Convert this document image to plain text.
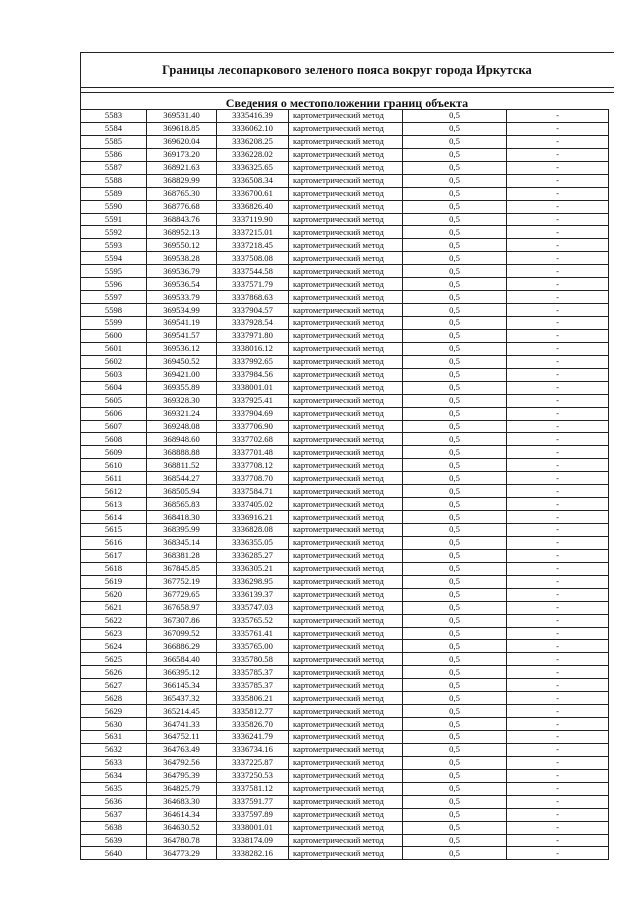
Границы лесопаркового зеленого пояса вокруг города Иркутска
Сведения о местоположении границ объекта
5583	369531.40	3335416.39	картометрический метод	0,5	-
5584	369618.85	3336062.10	картометрический метод	0,5	-
5585	369620.04	3336208.25	картометрический метод	0,5	-
5586	369173.20	3336228.02	картометрический метод	0,5	-
5587	368921.63	3336325.65	картометрический метод	0,5	-
5588	368829.99	3336508.34	картометрический метод	0,5	-
5589	368765.30	3336700.61	картометрический метод	0,5	-
5590	368776.68	3336826.40	картометрический метод	0,5	-
5591	368843.76	3337119.90	картометрический метод	0,5	-
5592	368952.13	3337215.01	картометрический метод	0,5	-
5593	369550.12	3337218.45	картометрический метод	0,5	-
5594	369538.28	3337508.08	картометрический метод	0,5	-
5595	369536.79	3337544.58	картометрический метод	0,5	-
5596	369536.54	3337571.79	картометрический метод	0,5	-
5597	369533.79	3337868.63	картометрический метод	0,5	-
5598	369534.99	3337904.57	картометрический метод	0,5	-
5599	369541.19	3337928.54	картометрический метод	0,5	-
5600	369541.57	3337971.80	картометрический метод	0,5	-
5601	369536.12	3338016.12	картометрический метод	0,5	-
5602	369450.52	3337992.65	картометрический метод	0,5	-
5603	369421.00	3337984.56	картометрический метод	0,5	-
5604	369355.89	3338001.01	картометрический метод	0,5	-
5605	369328.30	3337925.41	картометрический метод	0,5	-
5606	369321.24	3337904.69	картометрический метод	0,5	-
5607	369248.08	3337706.90	картометрический метод	0,5	-
5608	368948.60	3337702.68	картометрический метод	0,5	-
5609	368888.88	3337701.48	картометрический метод	0,5	-
5610	368811.52	3337708.12	картометрический метод	0,5	-
5611	368544.27	3337708.70	картометрический метод	0,5	-
5612	368505.94	3337584.71	картометрический метод	0,5	-
5613	368565.83	3337405.02	картометрический метод	0,5	-
5614	368418.30	3336916.21	картометрический метод	0,5	-
5615	368395.99	3336828.08	картометрический метод	0,5	-
5616	368345.14	3336355.05	картометрический метод	0,5	-
5617	368381.28	3336285.27	картометрический метод	0,5	-
5618	367845.85	3336305.21	картометрический метод	0,5	-
5619	367752.19	3336298.95	картометрический метод	0,5	-
5620	367729.65	3336139.37	картометрический метод	0,5	-
5621	367658.97	3335747.03	картометрический метод	0,5	-
5622	367307.86	3335765.52	картометрический метод	0,5	-
5623	367099.52	3335761.41	картометрический метод	0,5	-
5624	366886.29	3335765.00	картометрический метод	0,5	-
5625	366584.40	3335780.58	картометрический метод	0,5	-
5626	366395.12	3335785.37	картометрический метод	0,5	-
5627	366145.34	3335785.37	картометрический метод	0,5	-
5628	365437.32	3335806.21	картометрический метод	0,5	-
5629	365214.45	3335812.77	картометрический метод	0,5	-
5630	364741.33	3335826.70	картометрический метод	0,5	-
5631	364752.11	3336241.79	картометрический метод	0,5	-
5632	364763.49	3336734.16	картометрический метод	0,5	-
5633	364792.56	3337225.87	картометрический метод	0,5	-
5634	364795.39	3337250.53	картометрический метод	0,5	-
5635	364825.79	3337581.12	картометрический метод	0,5	-
5636	364683.30	3337591.77	картометрический метод	0,5	-
5637	364614.34	3337597.89	картометрический метод	0,5	-
5638	364630.52	3338001.01	картометрический метод	0,5	-
5639	364780.78	3338174.09	картометрический метод	0,5	-
5640	364773.29	3338282.16	картометрический метод	0,5	-
